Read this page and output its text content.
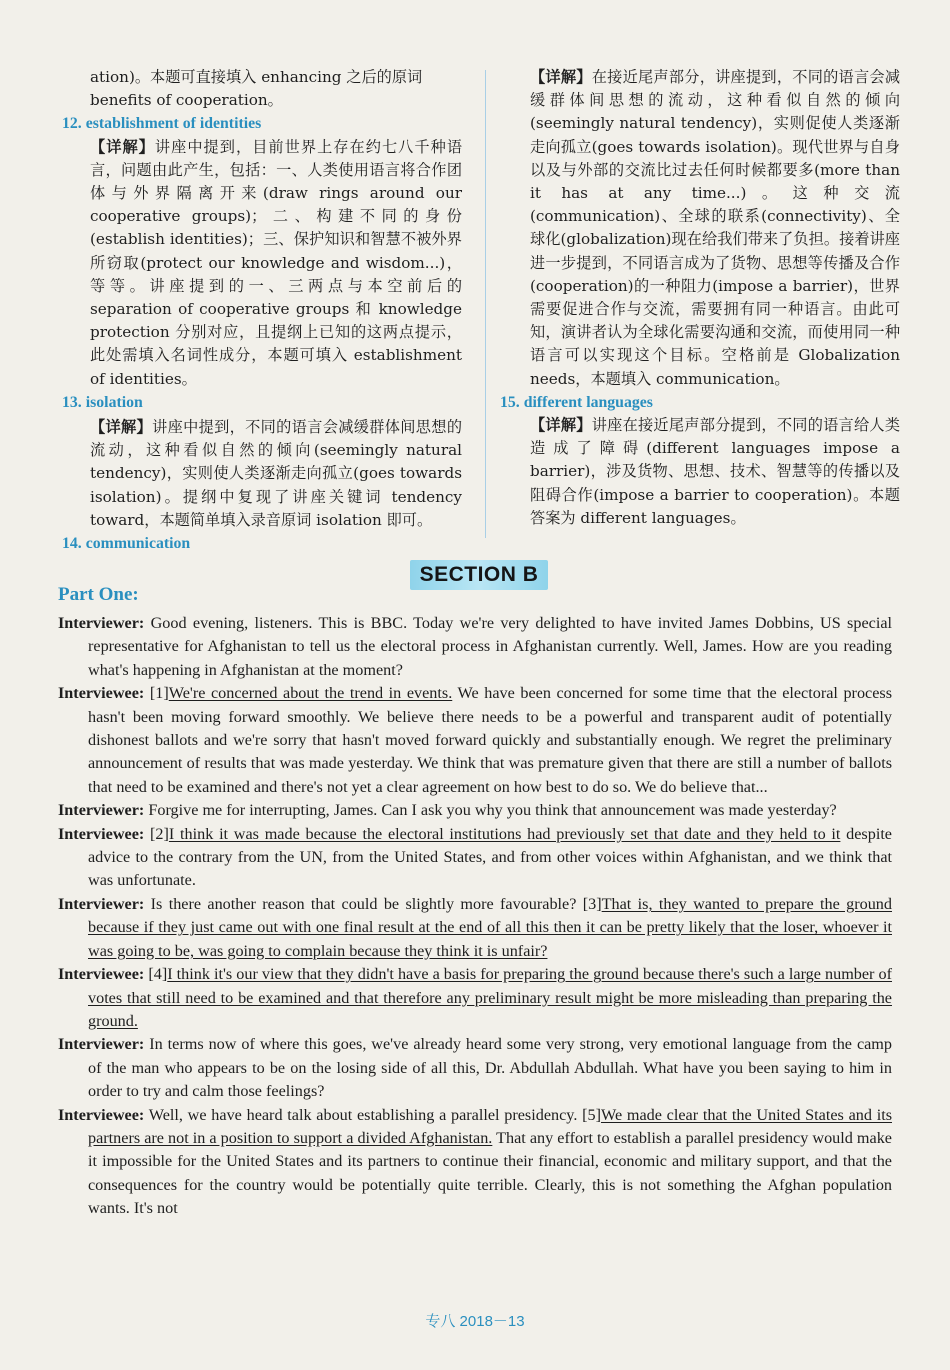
ation)。本题可直接填入 enhancing 之后的原词
benefits of cooperation。
12. establishment of identities
【详解】讲座中提到，目前世界上存在约七八千种语言，问题由此产生，包括：一、人类使用语言将合作团体与外界隔离开来(draw rings around our cooperative groups)；二、构建不同的身份(establish identities)；三、保护知识和智慧不被外界所窃取(protect our knowledge and wisdom...)，等等。讲座提到的一、三两点与本空前后的 separation of cooperative groups 和 knowledge protection 分别对应，且提纲上已知的这两点提示，此处需填入名词性成分，本题可填入 establishment of identities。
13. isolation
【详解】讲座中提到，不同的语言会减缓群体间思想的流动，这种看似自然的倾向(seemingly natural tendency)，实则使人类逐渐走向孤立(goes towards isolation)。提纲中复现了讲座关键词 tendency toward，本题简单填入录音原词 isolation 即可。
14. communication
【详解】在接近尾声部分，讲座提到，不同的语言会减缓群体间思想的流动，这种看似自然的倾向(seemingly natural tendency)，实则促使人类逐渐走向孤立(goes towards isolation)。现代世界与自身以及与外部的交流比过去任何时候都要多(more than it has at any time...)。这种交流(communication)、全球的联系(connectivity)、全球化(globalization)现在给我们带来了负担。接着讲座进一步提到，不同语言成为了货物、思想等传播及合作(cooperation)的一种阻力(impose a barrier)，世界需要促进合作与交流，需要拥有同一种语言。由此可知，演讲者认为全球化需要沟通和交流，而使用同一种语言可以实现这个目标。空格前是 Globalization needs，本题填入 communication。
15. different languages
【详解】讲座在接近尾声部分提到，不同的语言给人类造成了障碍(different languages impose a barrier)，涉及货物、思想、技术、智慧等的传播以及阻碍合作(impose a barrier to cooperation)。本题答案为 different languages。
SECTION B
Part One:
Interviewer: Good evening, listeners. This is BBC. Today we're very delighted to have invited James Dobbins, US special representative for Afghanistan to tell us the electoral process in Afghanistan currently. Well, James. How are you reading what's happening in Afghanistan at the moment?
Interviewee: [1]We're concerned about the trend in events. We have been concerned for some time that the electoral process hasn't been moving forward smoothly. We believe there needs to be a powerful and transparent audit of potentially dishonest ballots and we're sorry that hasn't moved forward quickly and substantially enough. We regret the preliminary announcement of results that was made yesterday. We think that was premature given that there are still a number of ballots that need to be examined and there's not yet a clear agreement on how best to do so. We do believe that...
Interviewer: Forgive me for interrupting, James. Can I ask you why you think that announcement was made yesterday?
Interviewee: [2]I think it was made because the electoral institutions had previously set that date and they held to it despite advice to the contrary from the UN, from the United States, and from other voices within Afghanistan, and we think that was unfortunate.
Interviewer: Is there another reason that could be slightly more favourable? [3]That is, they wanted to prepare the ground because if they just came out with one final result at the end of all this then it can be pretty likely that the loser, whoever it was going to be, was going to complain because they think it is unfair?
Interviewee: [4]I think it's our view that they didn't have a basis for preparing the ground because there's such a large number of votes that still need to be examined and that therefore any preliminary result might be more misleading than preparing the ground.
Interviewer: In terms now of where this goes, we've already heard some very strong, very emotional language from the camp of the man who appears to be on the losing side of all this, Dr. Abdullah Abdullah. What have you been saying to him in order to try and calm those feelings?
Interviewee: Well, we have heard talk about establishing a parallel presidency. [5]We made clear that the United States and its partners are not in a position to support a divided Afghanistan. That any effort to establish a parallel presidency would make it impossible for the United States and its partners to continue their financial, economic and military support, and that the consequences for the country would be potentially quite terrible. Clearly, this is not something the Afghan population wants. It's not
专八 2018－13
